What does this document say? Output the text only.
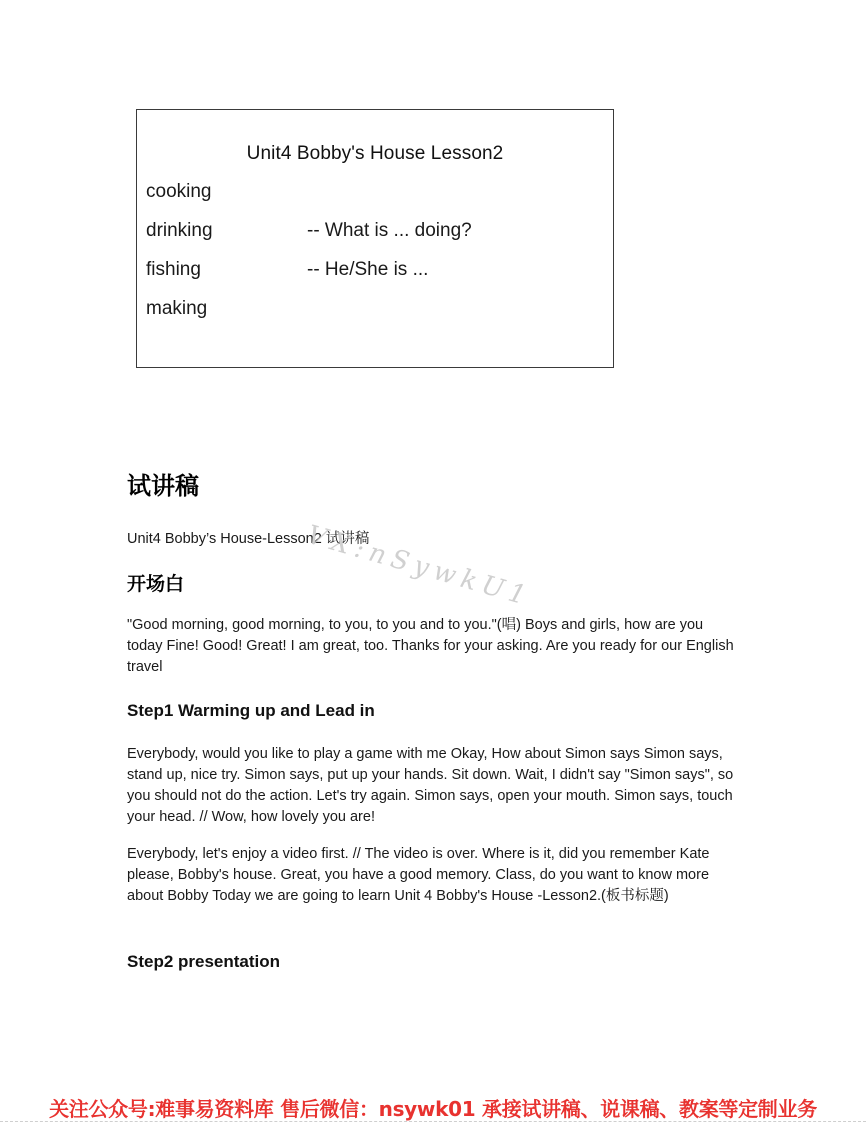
Unit4 Bobby's House Lesson2
cooking
drinking
fishing
making
-- What is ... doing?
-- He/She is ...
试讲稿
Unit4 Bobby’s House-Lesson2 试讲稿
VX:nSywkU1
开场白
"Good morning, good morning, to you, to you and to you."(唱) Boys and girls, how are you today Fine! Good! Great! I am great, too. Thanks for your asking. Are you ready for our English travel
Step1 Warming up and Lead in
Everybody, would you like to play a game with me Okay, How about Simon says Simon says, stand up, nice try. Simon says, put up your hands. Sit down. Wait, I didn't say "Simon says", so you should not do the action. Let's try again. Simon says, open your mouth. Simon says, touch your head. // Wow, how lovely you are!
Everybody, let's enjoy a video first. // The video is over. Where is it, did you remember Kate please, Bobby's house. Great, you have a good memory. Class, do you want to know more about Bobby Today we are going to learn Unit 4 Bobby's House -Lesson2.(板书标题)
Step2 presentation
关注公众号:难事易资料库 售后微信：nsywk01 承接试讲稿、说课稿、教案等定制业务
